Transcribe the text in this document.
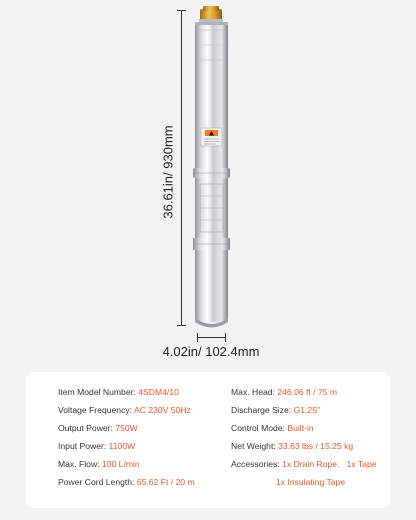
36.61in/ 930mm
4.02in/ 102.4mm
Item Model Number: 4SDM4/10
Voltage Frequency: AC 230V 50Hz
Output Power: 750W
Input Power: 1100W
Max. Flow: 100 L/min
Power Cord Length: 65.62 Ft / 20 m
Max. Head: 246.06 ft / 75 m
Discharge Size: G1.25"
Control Mode: Built-in
Net Weight: 33.63 lbs / 15.25 kg
Accessories: 1x Drain Rope.   1x Tape
1x Insulating Tape
